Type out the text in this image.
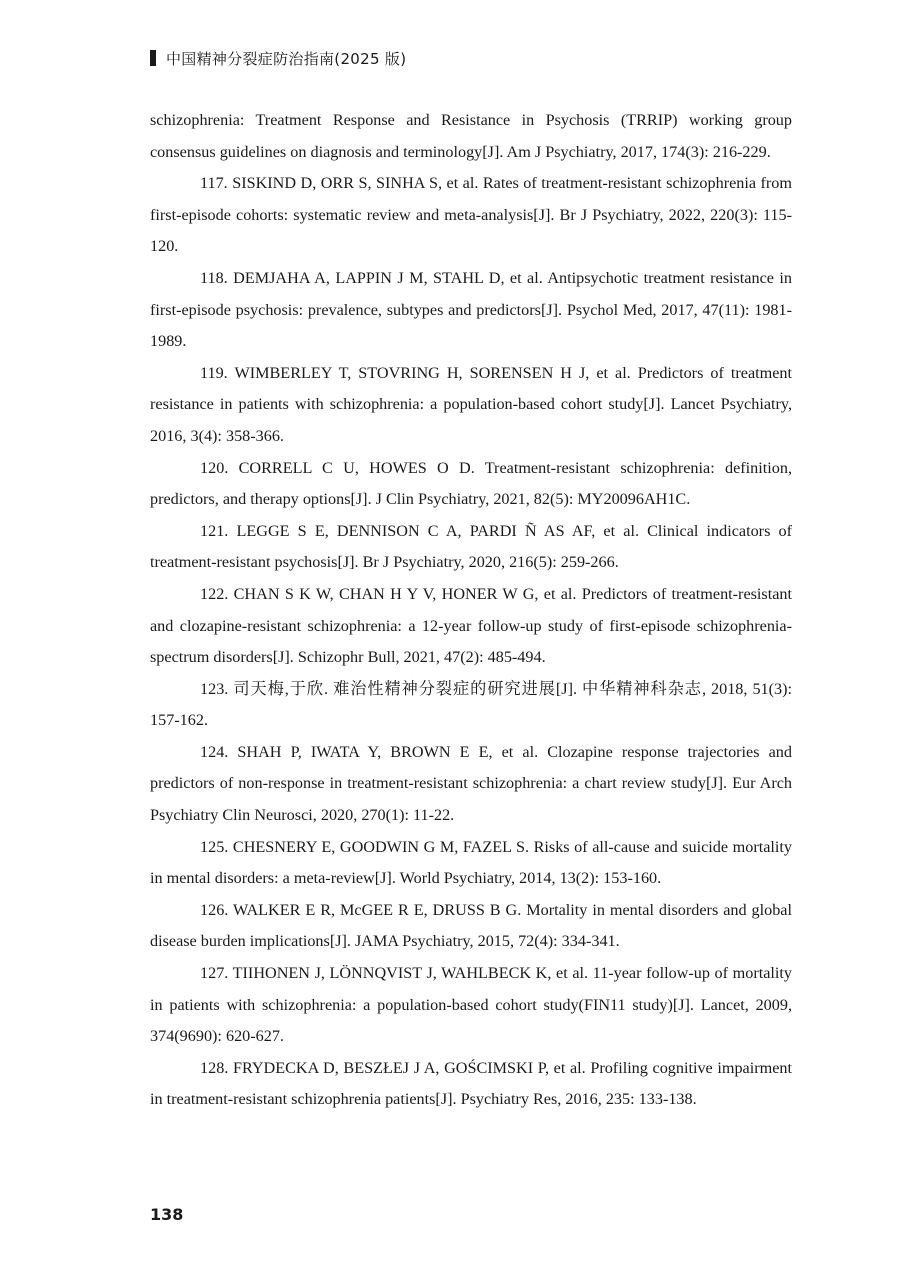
中国精神分裂症防治指南(2025 版)

schizophrenia: Treatment Response and Resistance in Psychosis (TRRIP) working group consensus guidelines on diagnosis and terminology[J]. Am J Psychiatry, 2017, 174(3): 216-229.

117. SISKIND D, ORR S, SINHA S, et al. Rates of treatment-resistant schizophrenia from first-episode cohorts: systematic review and meta-analysis[J]. Br J Psychiatry, 2022, 220(3): 115-120.

118. DEMJAHA A, LAPPIN J M, STAHL D, et al. Antipsychotic treatment resistance in first-episode psychosis: prevalence, subtypes and predictors[J]. Psychol Med, 2017, 47(11): 1981-1989.

119. WIMBERLEY T, STOVRING H, SORENSEN H J, et al. Predictors of treatment resistance in patients with schizophrenia: a population-based cohort study[J]. Lancet Psychiatry, 2016, 3(4): 358-366.

120. CORRELL C U, HOWES O D. Treatment-resistant schizophrenia: definition, predictors, and therapy options[J]. J Clin Psychiatry, 2021, 82(5): MY20096AH1C.

121. LEGGE S E, DENNISON C A, PARDI Ñ AS AF, et al. Clinical indicators of treatment-resistant psychosis[J]. Br J Psychiatry, 2020, 216(5): 259-266.

122. CHAN S K W, CHAN H Y V, HONER W G, et al. Predictors of treatment-resistant and clozapine-resistant schizophrenia: a 12-year follow-up study of first-episode schizophrenia-spectrum disorders[J]. Schizophr Bull, 2021, 47(2): 485-494.

123. 司天梅,于欣. 难治性精神分裂症的研究进展[J]. 中华精神科杂志, 2018, 51(3): 157-162.

124. SHAH P, IWATA Y, BROWN E E, et al. Clozapine response trajectories and predictors of non-response in treatment-resistant schizophrenia: a chart review study[J]. Eur Arch Psychiatry Clin Neurosci, 2020, 270(1): 11-22.

125. CHESNERY E, GOODWIN G M, FAZEL S. Risks of all-cause and suicide mortality in mental disorders: a meta-review[J]. World Psychiatry, 2014, 13(2): 153-160.

126. WALKER E R, McGEE R E, DRUSS B G. Mortality in mental disorders and global disease burden implications[J]. JAMA Psychiatry, 2015, 72(4): 334-341.

127. TIIHONEN J, LÖNNQVIST J, WAHLBECK K, et al. 11-year follow-up of mortality in patients with schizophrenia: a population-based cohort study(FIN11 study)[J]. Lancet, 2009, 374(9690): 620-627.

128. FRYDECKA D, BESZŁEJ J A, GOŚCIMSKI P, et al. Profiling cognitive impairment in treatment-resistant schizophrenia patients[J]. Psychiatry Res, 2016, 235: 133-138.

138
